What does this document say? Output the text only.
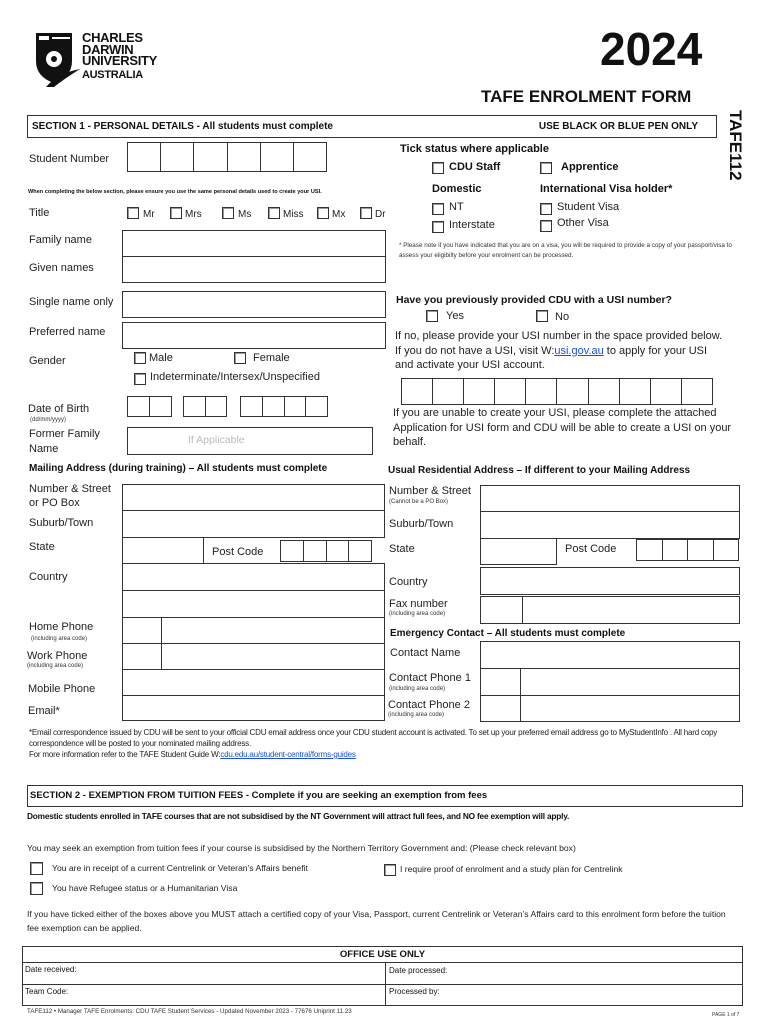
CHARLES
DARWIN
UNIVERSITY
AUSTRALIA	2024
TAFE ENROLMENT FORM
TAFE112
SECTION 1 - PERSONAL DETAILS - All students must complete	USE BLACK OR BLUE PEN ONLY
Student Number
Tick status where applicable
CDU Staff	Apprentice
When completing the below section, please ensure you use the same personal details used to create your USI.	Domestic	International Visa holder*
Title	Mr	Mrs	Ms	Miss	Mx	Dr
NT
Interstate
Student Visa
Other Visa
* Please note if you have indicated that you are on a visa, you will be required to provide a copy of your passport/visa to assess your eligibilty before your enrolment can be processed.
Family name
Given names
Single name only
Preferred name
Have you previously provided CDU with a USI number?
Yes	No
If no, please provide your USI number in the space provided below. If you do not have a USI, visit W:usi.gov.au to apply for your USI and activate your USI account.
If you are unable to create your USI, please complete the attached Application for USI form and CDU will be able to create a USI on your behalf.
Gender	Male	Female
Indeterminate/Intersex/Unspecified
Date of Birth
(dd/mm/yyyy)
Former Family Name
If Applicable
Mailing Address (during training) – All students must complete
Number & Street or PO Box
Suburb/Town
State	Post Code
Country
Home Phone
(including area code)
Work Phone
(including area code)
Mobile Phone
Email*
Usual Residential Address – If different to your Mailing Address
Number & Street
(Cannot be a PO Box)
Suburb/Town
State	Post Code
Country
Fax number
(including area code)
Emergency Contact – All students must complete
Contact Name
Contact Phone 1
(including area code)
Contact Phone 2
(including area code)
*Email correspondence issued by CDU will be sent to your official CDU email address once your CDU student account is activated. To set up your preferred email address go to MyStudentInfo . All hard copy correspondence will be posted to your nominated mailing address.
For more information refer to the TAFE Student Guide W:cdu.edu.au/student-central/forms-guides
SECTION 2 - EXEMPTION FROM TUITION FEES - Complete if you are seeking an exemption from fees
Domestic students enrolled in TAFE courses that are not subsidised by the NT Government will attract full fees, and NO fee exemption will apply.
You may seek an exemption from tuition fees if your course is subsidised by the Northern Territory Government and: (Please check relevant box)
You are in receipt of a current Centrelink or Veteran’s Affairs benefit	I require proof of enrolment and a study plan for Centrelink
You have Refugee status or a Humanitarian Visa
If you have ticked either of the boxes above you MUST attach a certified copy of your Visa, Passport, current Centrelink or Veteran’s Affairs card to this enrolment form before the tuition fee exemption can be applied.
OFFICE USE ONLY
Date received:	Date processed:
Team Code:	Processed by:
TAFE112 • Manager TAFE Enrolments: CDU TAFE Student Services - Updated November 2023 - 77676 Uniprint 11.23	PAGE 1 of 7
